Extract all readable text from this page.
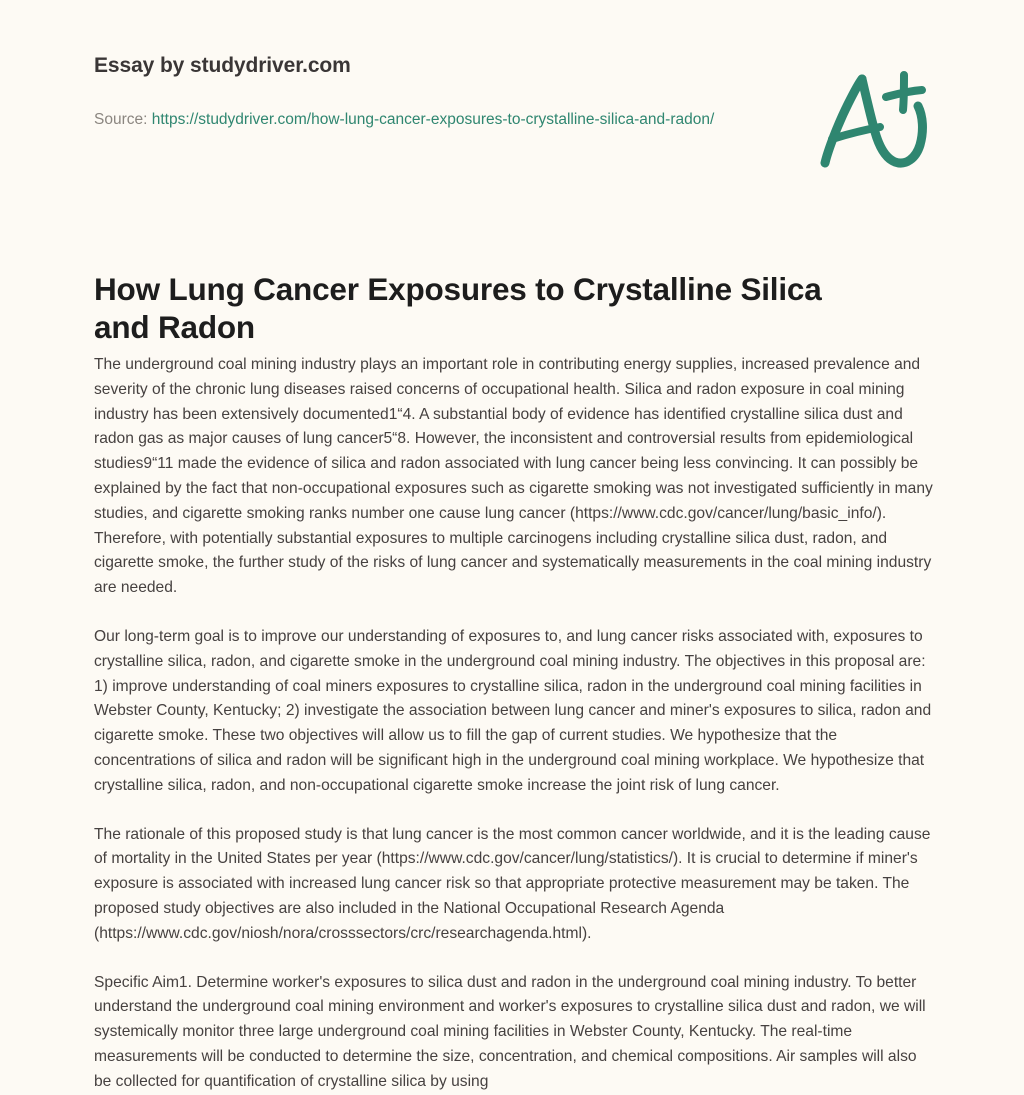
Essay by studydriver.com
Source: https://studydriver.com/how-lung-cancer-exposures-to-crystalline-silica-and-radon/
How Lung Cancer Exposures to Crystalline Silica and Radon

The underground coal mining industry plays an important role in contributing energy supplies, increased prevalence and severity of the chronic lung diseases raised concerns of occupational health. Silica and radon exposure in coal mining industry has been extensively documented1“4. A substantial body of evidence has identified crystalline silica dust and radon gas as major causes of lung cancer5“8. However, the inconsistent and controversial results from epidemiological studies9“11 made the evidence of silica and radon associated with lung cancer being less convincing. It can possibly be explained by the fact that non-occupational exposures such as cigarette smoking was not investigated sufficiently in many studies, and cigarette smoking ranks number one cause lung cancer (https://www.cdc.gov/cancer/lung/basic_info/). Therefore, with potentially substantial exposures to multiple carcinogens including crystalline silica dust, radon, and cigarette smoke, the further study of the risks of lung cancer and systematically measurements in the coal mining industry are needed.

Our long-term goal is to improve our understanding of exposures to, and lung cancer risks associated with, exposures to crystalline silica, radon, and cigarette smoke in the underground coal mining industry. The objectives in this proposal are: 1) improve understanding of coal miners exposures to crystalline silica, radon in the underground coal mining facilities in Webster County, Kentucky; 2) investigate the association between lung cancer and miner's exposures to silica, radon and cigarette smoke. These two objectives will allow us to fill the gap of current studies. We hypothesize that the concentrations of silica and radon will be significant high in the underground coal mining workplace. We hypothesize that crystalline silica, radon, and non-occupational cigarette smoke increase the joint risk of lung cancer.

The rationale of this proposed study is that lung cancer is the most common cancer worldwide, and it is the leading cause of mortality in the United States per year (https://www.cdc.gov/cancer/lung/statistics/). It is crucial to determine if miner's exposure is associated with increased lung cancer risk so that appropriate protective measurement may be taken. The proposed study objectives are also included in the National Occupational Research Agenda (https://www.cdc.gov/niosh/nora/crosssectors/crc/researchagenda.html).

Specific Aim1. Determine worker's exposures to silica dust and radon in the underground coal mining industry. To better understand the underground coal mining environment and worker's exposures to crystalline silica dust and radon, we will systemically monitor three large underground coal mining facilities in Webster County, Kentucky. The real-time measurements will be conducted to determine the size, concentration, and chemical compositions. Air samples will also be collected for quantification of crystalline silica by using
